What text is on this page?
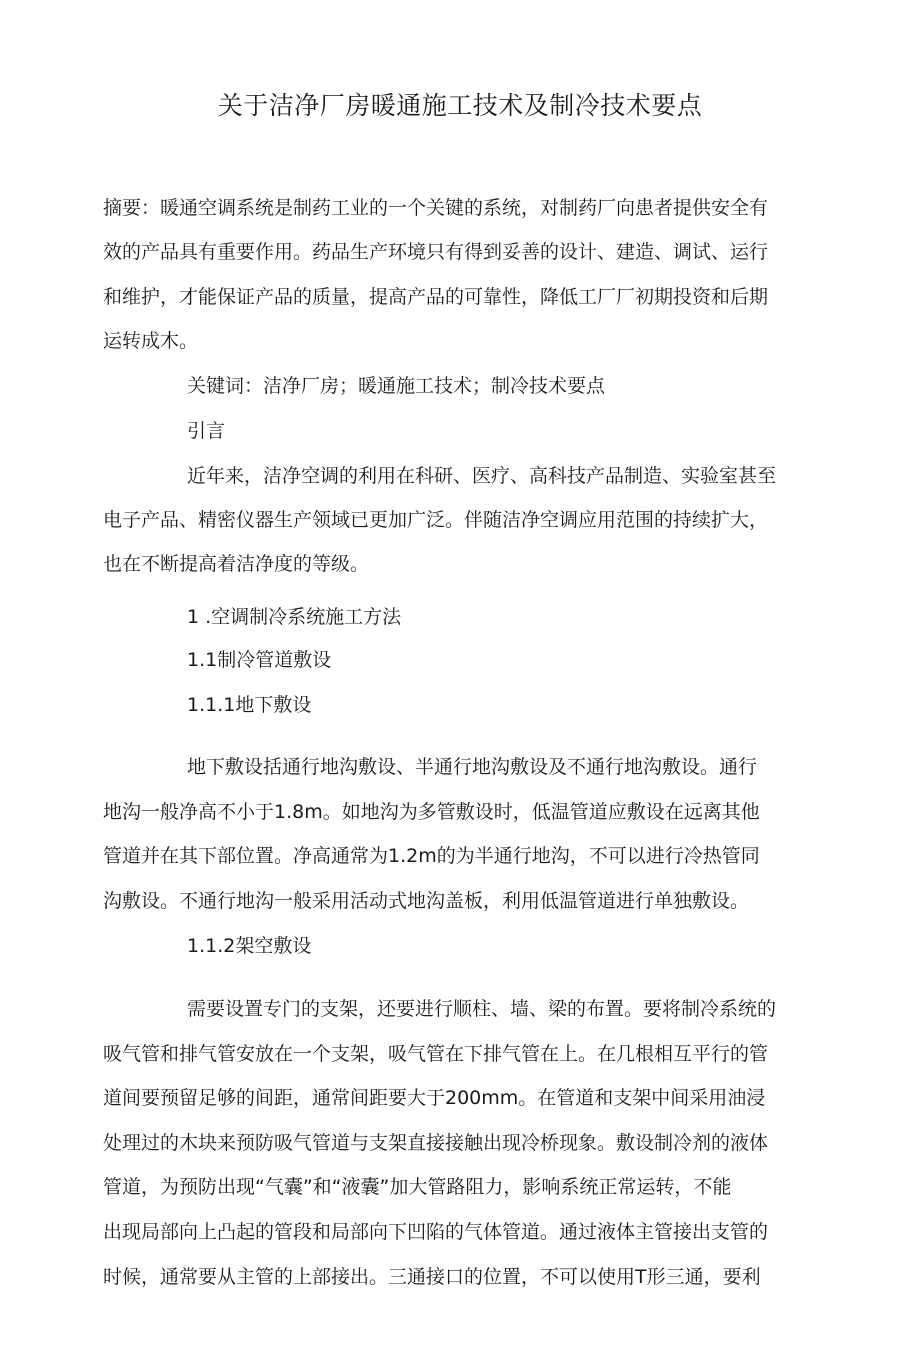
关于洁净厂房暖通施工技术及制冷技术要点
摘要：暖通空调系统是制药工业的一个关键的系统，对制药厂向患者提供安全有
效的产品具有重要作用。药品生产环境只有得到妥善的设计、建造、调试、运行
和维护，才能保证产品的质量，提高产品的可靠性，降低工厂厂初期投资和后期
运转成木。
关键词：洁净厂房；暖通施工技术；制冷技术要点
引言
近年来，洁净空调的利用在科研、医疗、高科技产品制造、实验室甚至
电子产品、精密仪器生产领域已更加广泛。伴随洁净空调应用范围的持续扩大，
也在不断提高着洁净度的等级。
1 .空调制冷系统施工方法
1.1制冷管道敷设
1.1.1地下敷设
地下敷设括通行地沟敷设、半通行地沟敷设及不通行地沟敷设。通行
地沟一般净高不小于1.8m。如地沟为多管敷设时，低温管道应敷设在远离其他
管道并在其下部位置。净高通常为1.2m的为半通行地沟，不可以进行冷热管同
沟敷设。不通行地沟一般采用活动式地沟盖板，利用低温管道进行单独敷设。
1.1.2架空敷设
需要设置专门的支架，还要进行顺柱、墙、梁的布置。要将制冷系统的
吸气管和排气管安放在一个支架，吸气管在下排气管在上。在几根相互平行的管
道间要预留足够的间距，通常间距要大于200mm。在管道和支架中间采用油浸
处理过的木块来预防吸气管道与支架直接接触出现冷桥现象。敷设制冷剂的液体
管道，为预防出现“气囊”和“液囊”加大管路阻力，影响系统正常运转，不能
出现局部向上凸起的管段和局部向下凹陷的气体管道。通过液体主管接出支管的
时候，通常要从主管的上部接出。三通接口的位置，不可以使用T形三通，要利
